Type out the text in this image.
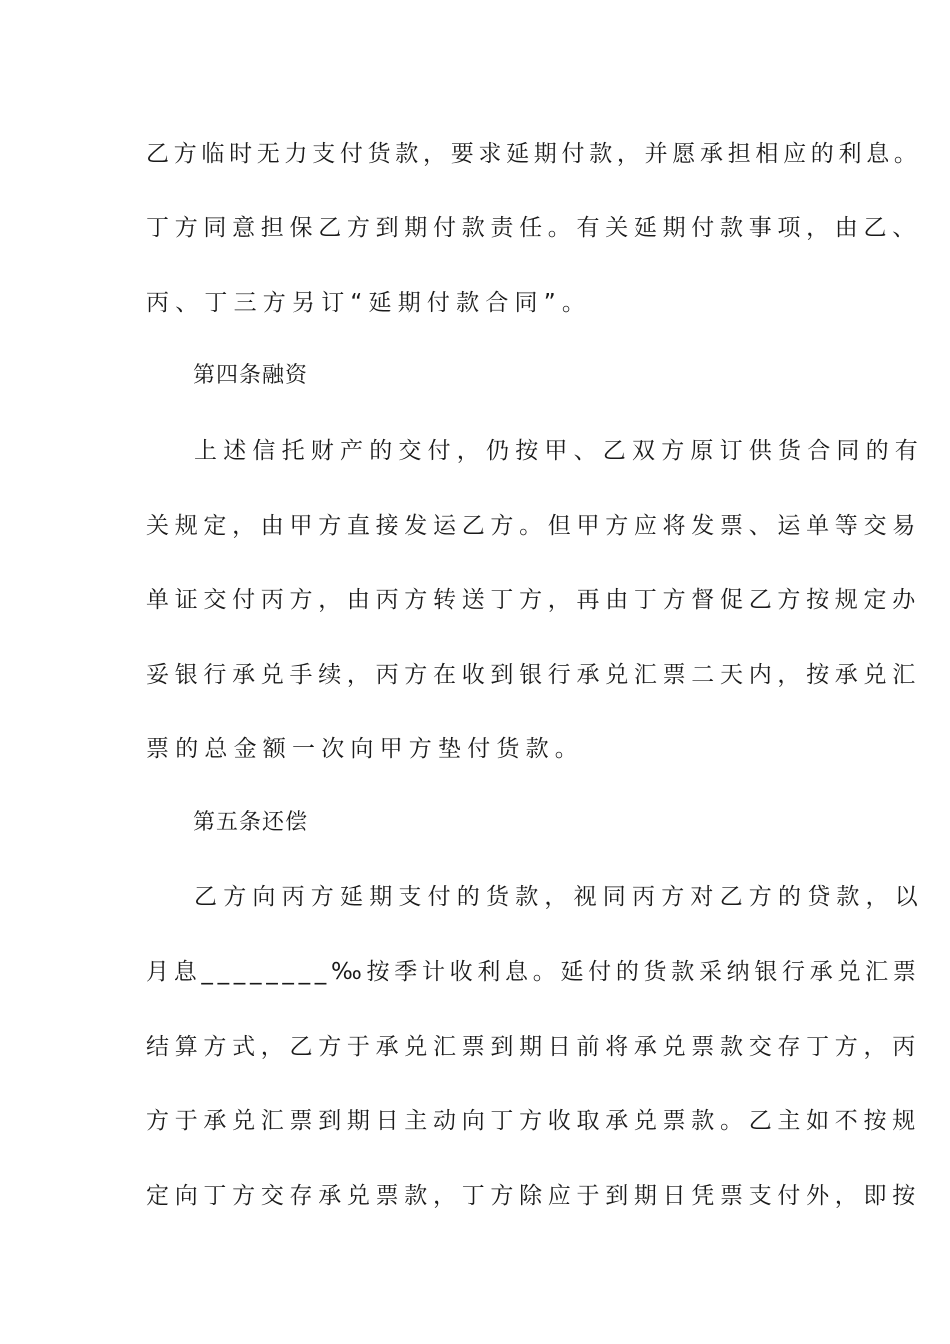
乙方临时无力支付货款，要求延期付款，并愿承担相应的利息。
丁方同意担保乙方到期付款责任。有关延期付款事项，由乙、
丙、丁三方另订“延期付款合同”。
第四条融资
上述信托财产的交付，仍按甲、乙双方原订供货合同的有
关规定，由甲方直接发运乙方。但甲方应将发票、运单等交易
单证交付丙方，由丙方转送丁方，再由丁方督促乙方按规定办
妥银行承兑手续，丙方在收到银行承兑汇票二天内，按承兑汇
票的总金额一次向甲方垫付货款。
第五条还偿
乙方向丙方延期支付的货款，视同丙方对乙方的贷款，以
月息________‰按季计收利息。延付的货款采纳银行承兑汇票
结算方式，乙方于承兑汇票到期日前将承兑票款交存丁方，丙
方于承兑汇票到期日主动向丁方收取承兑票款。乙主如不按规
定向丁方交存承兑票款，丁方除应于到期日凭票支付外，即按
